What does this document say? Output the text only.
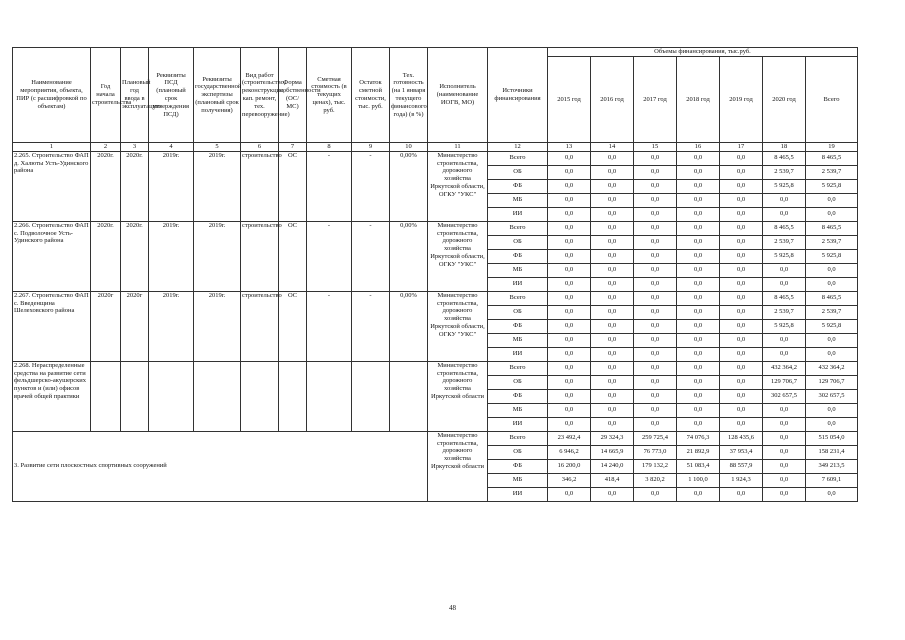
Наименование мероприятия, объекта, ПИР (с расшифровкой по объектам)	Год начала строительства	Плановый год ввода в эксплуатацию	Реквизиты ПСД (плановый срок утверждения ПСД)	Реквизиты государственной экспертизы (плановый срок получения)	Вид работ (строительство, реконструкция, кап. ремонт, тех. перевооружение)	Форма собственности (ОС/МС)	Сметная стоимость (в текущих ценах), тыс. руб.	Остаток сметной стоимости, тыс. руб.	Тех. готовность (на 1 января текущего финансового года) (в %)	Исполнитель (наименование ИОГВ, МО)	Источники финансирования	Объемы финансирования, тыс.руб.						
												2015 год	2016 год	2017 год	2018 год	2019 год	2020 год	Всего
1	2	3	4	5	6	7	8	9	10	11	12	13	14	15	16	17	18	19
2.265. Строительство ФАП д. Халюты Усть-Удинского района	2020г.	2020г.	2019г.	2019г.	строительство	ОС	-	-	0,00%	Министерство строительства, дорожного хозяйства Иркутской области, ОГКУ "УКС"	Всего	0,0	0,0	0,0	0,0	0,0	8 465,5	8 465,5
											ОБ	0,0	0,0	0,0	0,0	0,0	2 539,7	2 539,7
											ФБ	0,0	0,0	0,0	0,0	0,0	5 925,8	5 925,8
											МБ	0,0	0,0	0,0	0,0	0,0	0,0	0,0
											ИИ	0,0	0,0	0,0	0,0	0,0	0,0	0,0
2.266. Строительство ФАП с. Подволочное Усть-Удинского района	2020г.	2020г.	2019г.	2019г.	строительство	ОС	-	-	0,00%	Министерство строительства, дорожного хозяйства Иркутской области, ОГКУ "УКС"	Всего	0,0	0,0	0,0	0,0	0,0	8 465,5	8 465,5
											ОБ	0,0	0,0	0,0	0,0	0,0	2 539,7	2 539,7
											ФБ	0,0	0,0	0,0	0,0	0,0	5 925,8	5 925,8
											МБ	0,0	0,0	0,0	0,0	0,0	0,0	0,0
											ИИ	0,0	0,0	0,0	0,0	0,0	0,0	0,0
2.267. Строительство ФАП с. Введенщина Шелеховского района	2020г	2020г	2019г.	2019г.	строительство	ОС	-	-	0,00%	Министерство строительства, дорожного хозяйства Иркутской области, ОГКУ "УКС"	Всего	0,0	0,0	0,0	0,0	0,0	8 465,5	8 465,5
											ОБ	0,0	0,0	0,0	0,0	0,0	2 539,7	2 539,7
											ФБ	0,0	0,0	0,0	0,0	0,0	5 925,8	5 925,8
											МБ	0,0	0,0	0,0	0,0	0,0	0,0	0,0
											ИИ	0,0	0,0	0,0	0,0	0,0	0,0	0,0
2.268. Нераспределенные средства на развитие сети фельдшерско-акушерских пунктов и (или) офисов врачей общей практики										Министерство строительства, дорожного хозяйства Иркутской области	Всего	0,0	0,0	0,0	0,0	0,0	432 364,2	432 364,2
											ОБ	0,0	0,0	0,0	0,0	0,0	129 706,7	129 706,7
											ФБ	0,0	0,0	0,0	0,0	0,0	302 657,5	302 657,5
											МБ	0,0	0,0	0,0	0,0	0,0	0,0	0,0
											ИИ	0,0	0,0	0,0	0,0	0,0	0,0	0,0
3. Развитие сети плоскостных спортивных сооружений										Министерство строительства, дорожного хозяйства Иркутской области	Всего	23 492,4	29 324,3	259 725,4	74 076,3	128 435,6	0,0	515 054,0
											ОБ	6 946,2	14 665,9	76 773,0	21 892,9	37 953,4	0,0	158 231,4
											ФБ	16 200,0	14 240,0	179 132,2	51 083,4	88 557,9	0,0	349 213,5
											МБ	346,2	418,4	3 820,2	1 100,0	1 924,3	0,0	7 609,1
											ИИ	0,0	0,0	0,0	0,0	0,0	0,0	0,0
48
